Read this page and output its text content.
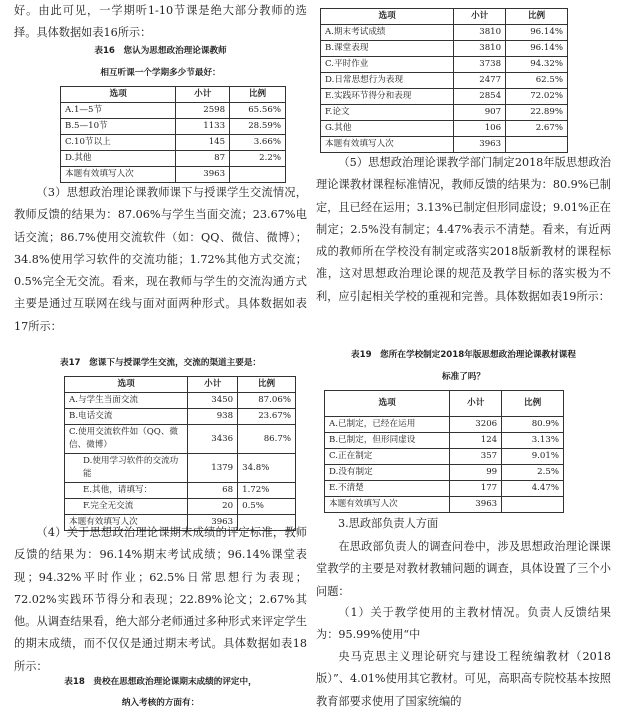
好。由此可见，一学期听1-10节课是绝大部分教师的选择。具体数据如表16所示：

表16　您认为思想政治理论课教师

相互听课一个学期多少节最好：

选项	小计	比例
A.1—5节	2598	65.56%
B.5—10节	1133	28.59%
C.10节以上	145	3.66%
D.其他	87	2.2%
本题有效填写人次	3963	

（3）思想政治理论课教师课下与授课学生交流情况，教师反馈的结果为：87.06%与学生当面交流；23.67%电话交流；86.7%使用交流软件（如：QQ、微信、微博）；34.8%使用学习软件的交流功能；1.72%其他方式交流；0.5%完全无交流。看来，现在教师与学生的交流沟通方式主要是通过互联网在线与面对面两种形式。具体数据如表17所示：

表17　您课下与授课学生交流，交流的渠道主要是：

选项	小计	比例
A.与学生当面交流	3450	87.06%
B.电话交流	938	23.67%
C.使用交流软件如（QQ、微信、微博）	3436	86.7%
D.使用学习软件的交流功能	1379	34.8%
E.其他，请填写：	68	1.72%
F.完全无交流	20	0.5%
本题有效填写人次	3963	

（4）关于思想政治理论课期末成绩的评定标准，教师反馈的结果为：96.14%期末考试成绩；96.14%课堂表现；94.32%平时作业；62.5%日常思想行为表现；72.02%实践环节得分和表现；22.89%论文；2.67%其他。从调查结果看，绝大部分老师通过多种形式来评定学生的期末成绩，而不仅仅是通过期末考试。具体数据如表18所示：

表18　贵校在思想政治理论课期末成绩的评定中，

纳入考核的方面有：

选项	小计	比例
A.期末考试成绩	3810	96.14%
B.课堂表现	3810	96.14%
C.平时作业	3738	94.32%
D.日常思想行为表现	2477	62.5%
E.实践环节得分和表现	2854	72.02%
F.论文	907	22.89%
G.其他	106	2.67%
本题有效填写人次	3963	

（5）思想政治理论课教学部门制定2018年版思想政治理论课教材课程标准情况，教师反馈的结果为：80.9%已制定，且已经在运用；3.13%已制定但形同虚设；9.01%正在制定；2.5%没有制定；4.47%表示不清楚。看来，有近两成的教师所在学校没有制定或落实2018版新教材的课程标准，这对思想政治理论课的规范及教学目标的落实极为不利，应引起相关学校的重视和完善。具体数据如表19所示：

表19　您所在学校制定2018年版思想政治理论课教材课程

标准了吗？

选项	小计	比例
A.已制定，已经在运用	3206	80.9%
B.已制定，但形同虚设	124	3.13%
C.正在制定	357	9.01%
D.没有制定	99	2.5%
E.不清楚	177	4.47%
本题有效填写人次	3963	

3.思政部负责人方面

在思政部负责人的调查问卷中，涉及思想政治理论课课堂教学的主要是对教材教辅问题的调查，具体设置了三个小问题：

（1）关于教学使用的主教材情况。负责人反馈结果为：95.99%使用“中

央马克思主义理论研究与建设工程统编教材（2018版）”、4.01%使用其它教材。可见，高职高专院校基本按照教育部要求使用了国家统编的
